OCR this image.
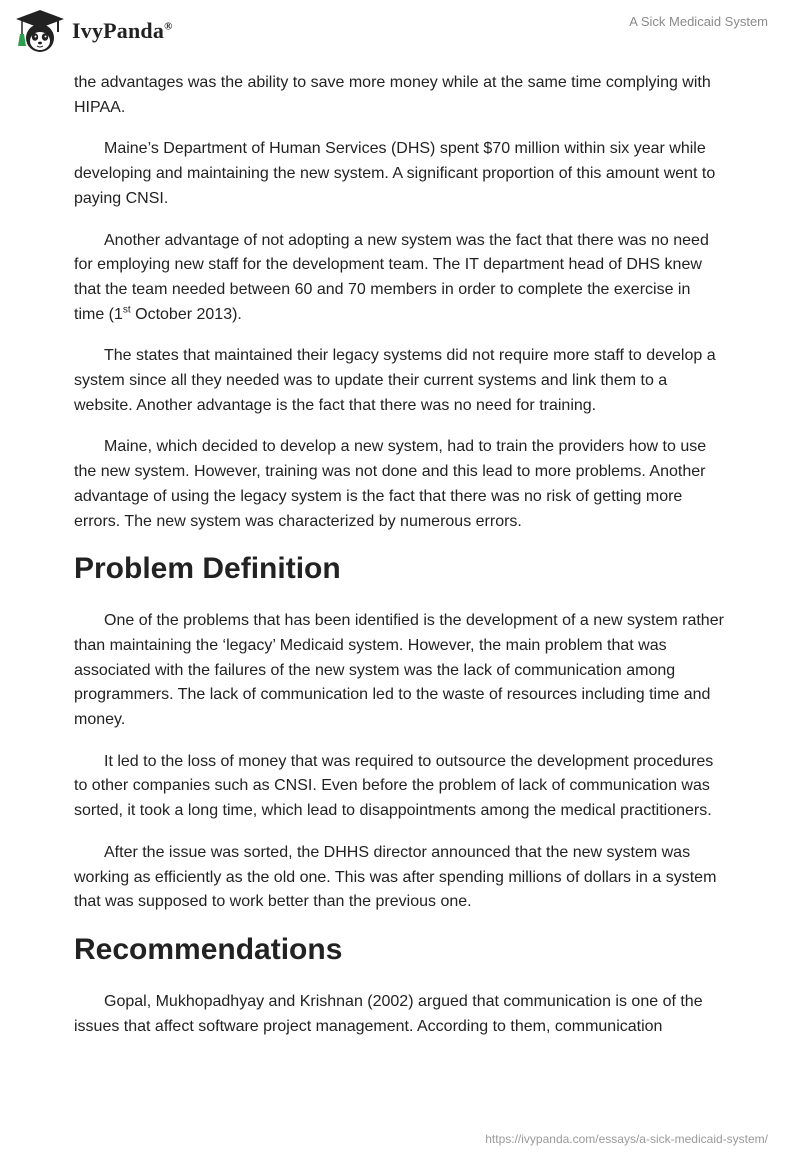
IvyPanda®	A Sick Medicaid System

the advantages was the ability to save more money while at the same time complying with HIPAA.

Maine’s Department of Human Services (DHS) spent $70 million within six year while developing and maintaining the new system. A significant proportion of this amount went to paying CNSI.

Another advantage of not adopting a new system was the fact that there was no need for employing new staff for the development team. The IT department head of DHS knew that the team needed between 60 and 70 members in order to complete the exercise in time (1st October 2013).

The states that maintained their legacy systems did not require more staff to develop a system since all they needed was to update their current systems and link them to a website. Another advantage is the fact that there was no need for training.

Maine, which decided to develop a new system, had to train the providers how to use the new system. However, training was not done and this lead to more problems. Another advantage of using the legacy system is the fact that there was no risk of getting more errors. The new system was characterized by numerous errors.

Problem Definition

One of the problems that has been identified is the development of a new system rather than maintaining the ‘legacy’ Medicaid system. However, the main problem that was associated with the failures of the new system was the lack of communication among programmers. The lack of communication led to the waste of resources including time and money.

It led to the loss of money that was required to outsource the development procedures to other companies such as CNSI. Even before the problem of lack of communication was sorted, it took a long time, which lead to disappointments among the medical practitioners.

After the issue was sorted, the DHHS director announced that the new system was working as efficiently as the old one. This was after spending millions of dollars in a system that was supposed to work better than the previous one.

Recommendations

Gopal, Mukhopadhyay and Krishnan (2002) argued that communication is one of the issues that affect software project management. According to them, communication

https://ivypanda.com/essays/a-sick-medicaid-system/
